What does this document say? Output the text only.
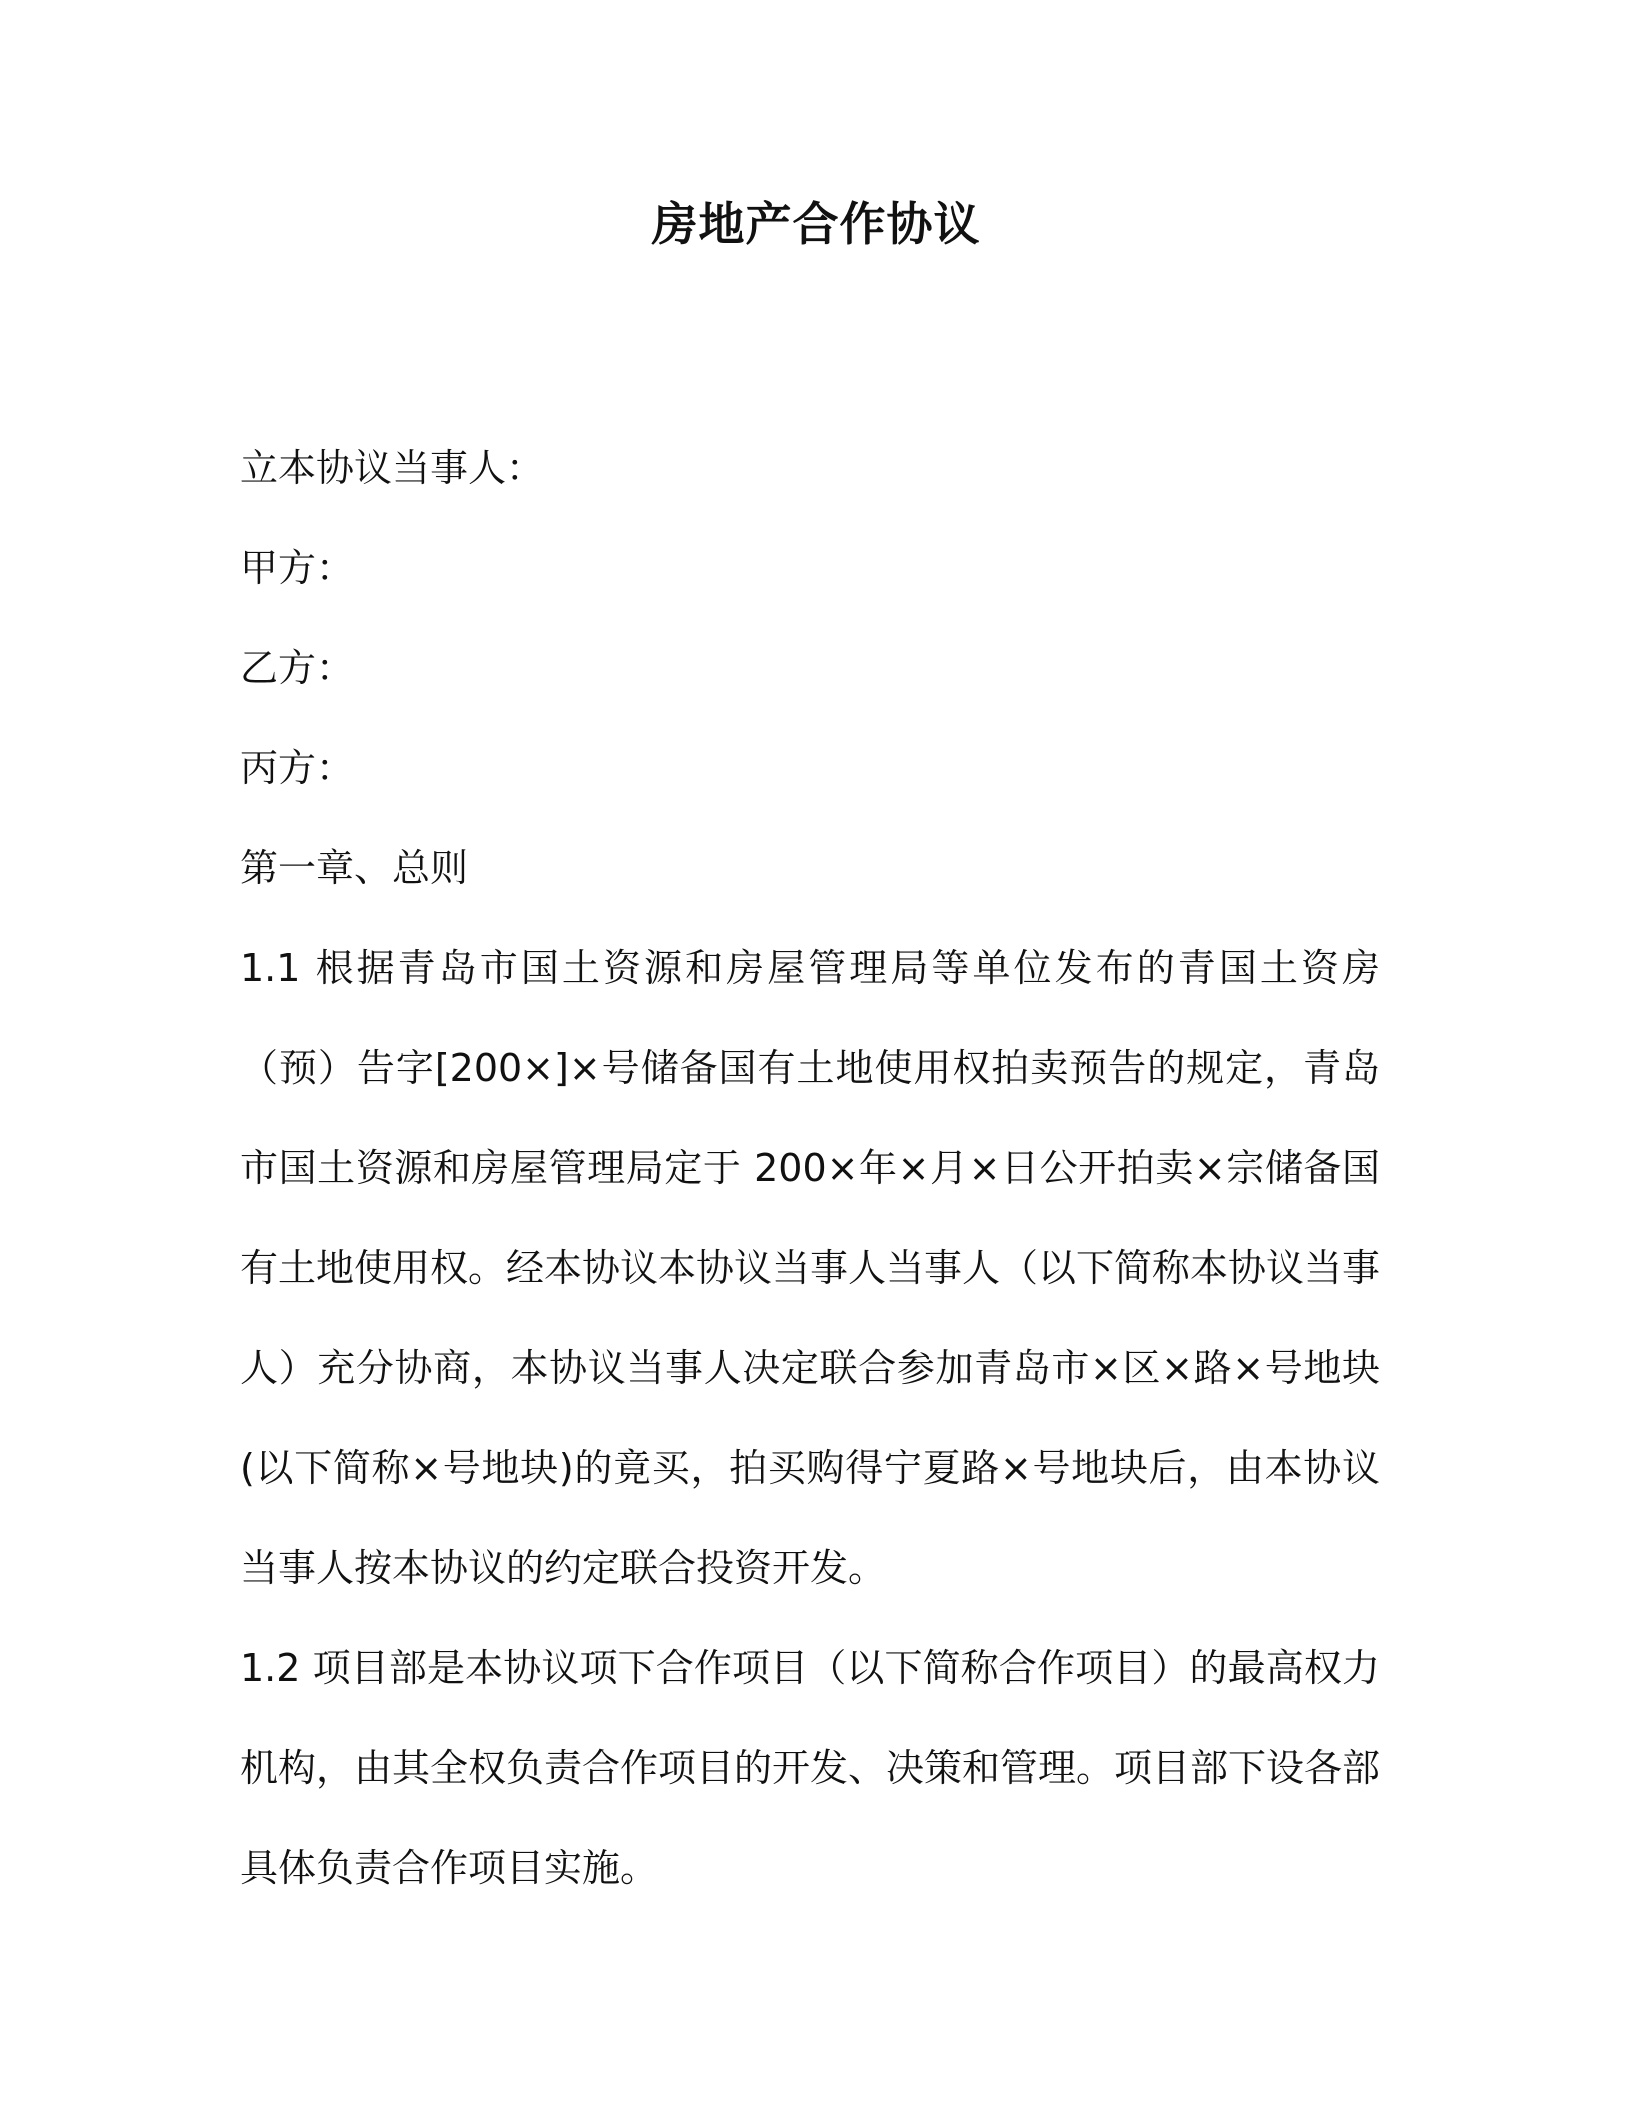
房地产合作协议
立本协议当事人：
甲方：
乙方：
丙方：
第一章、总则

1.1 根据青岛市国土资源和房屋管理局等单位发布的青国土资房（预）告字[200×]×号储备国有土地使用权拍卖预告的规定，青岛市国土资源和房屋管理局定于 200×年×月×日公开拍卖×宗储备国有土地使用权。经本协议本协议当事人当事人（以下简称本协议当事人）充分协商，本协议当事人决定联合参加青岛市×区×路×号地块(以下简称×号地块)的竟买，拍买购得宁夏路×号地块后，由本协议当事人按本协议的约定联合投资开发。

1.2 项目部是本协议项下合作项目（以下简称合作项目）的最高权力机构，由其全权负责合作项目的开发、决策和管理。项目部下设各部具体负责合作项目实施。
